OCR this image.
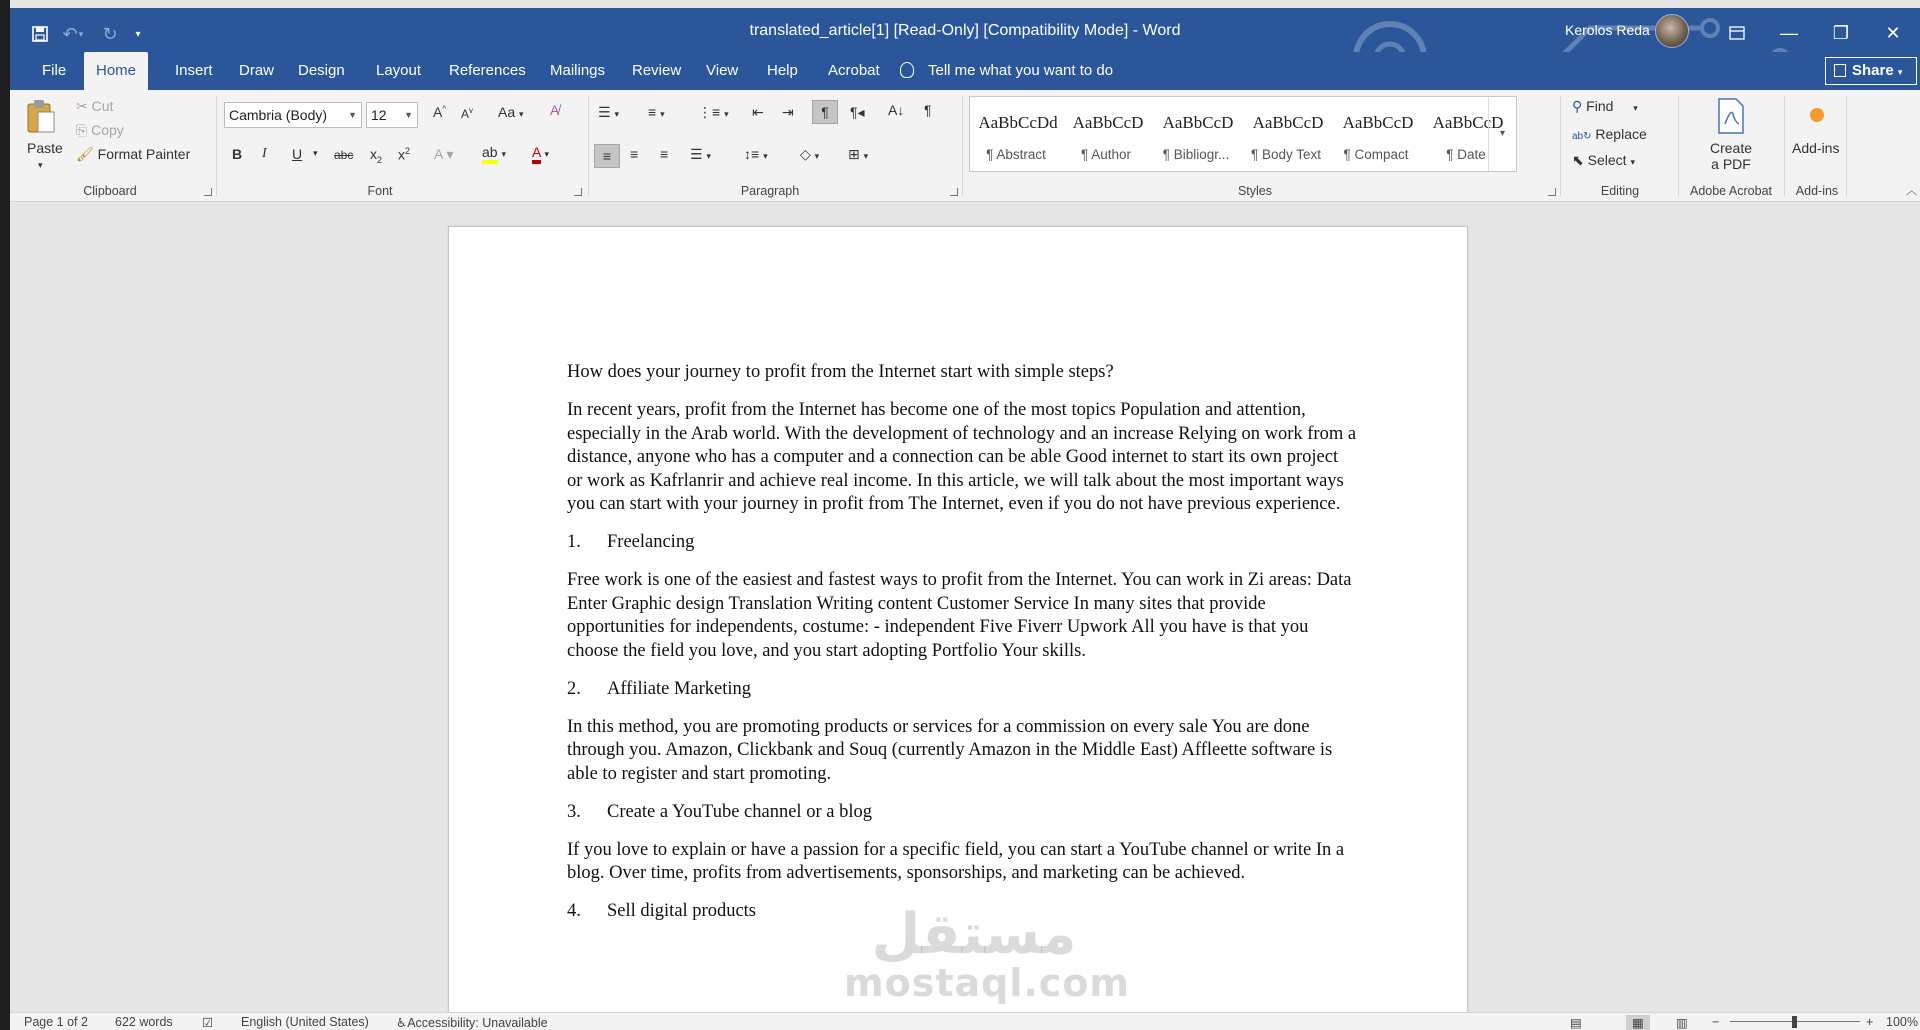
↶ ▾	↻	▾	translated_article[1] [Read-Only] [Compatibility Mode] - Word	Kerolos Reda	—	❐	✕
File	Home	Insert	Draw	Design	Layout	References	Mailings	Review	View	Help	Acrobat	Tell me what you want to do	Share ▾
Paste
▾
✂ Cut
⎘ Copy
🖌 Format Painter
Clipboard
Cambria (Body) ▼	12 ▼ A^ $A^v$ Aa ▾ A̸
B I U ▾ abc $x_2$ $x^2$ A ▾ ab ▾ A ▾
Font
☰ ▾ ≡ ▾ ⋮≡ ▾ ⇤ ⇥	¶	¶◂ A↓ ¶
≡	≡ ≡ ☰ ▾ ↕≡ ▾ ◇ ▾ ⊞ ▾
Paragraph
AaBbCcDd
¶ Abstract
AaBbCcD
¶ Author
AaBbCcD
¶ Bibliogr...
AaBbCcD
¶ Body Text
AaBbCcD
¶ Compact
AaBbCcD
¶ Date
▾
Styles
⚲ Find ▾
ab↻ Replace
⬉ Select ▾
Editing
Create
a PDF
Adobe Acrobat
Add-ins
Add-ins	︿

How does your journey to profit from the Internet start with simple steps?

In recent years, profit from the Internet has become one of the most topics Population and attention, especially in the Arab world. With the development of technology and an increase Relying on work from a distance, anyone who has a computer and a connection can be able Good internet to start its own project or work as Kafrlanrir and achieve real income. In this article, we will talk about the most important ways you can start with your journey in profit from The Internet, even if you do not have previous experience.

1. Freelancing

Free work is one of the easiest and fastest ways to profit from the Internet. You can work in Zi areas: Data Enter Graphic design Translation Writing content Customer Service In many sites that provide opportunities for independents, costume: - independent Five Fiverr Upwork All you have is that you choose the field you love, and you start adopting Portfolio Your skills.

2. Affiliate Marketing

In this method, you are promoting products or services for a commission on every sale You are done through you. Amazon, Clickbank and Souq (currently Amazon in the Middle East) Affleette software is able to register and start promoting.

3. Create a YouTube channel or a blog

If you love to explain or have a passion for a specific field, you can start a YouTube channel or write In a blog. Over time, profits from advertisements, sponsorships, and marketing can be achieved.

4. Sell digital products	مستقل
mostaql.com
Page 1 of 2 622 words ☑ English (United States) ♿Accessibility: Unavailable	▤	▦	▥ −	+ 100%
